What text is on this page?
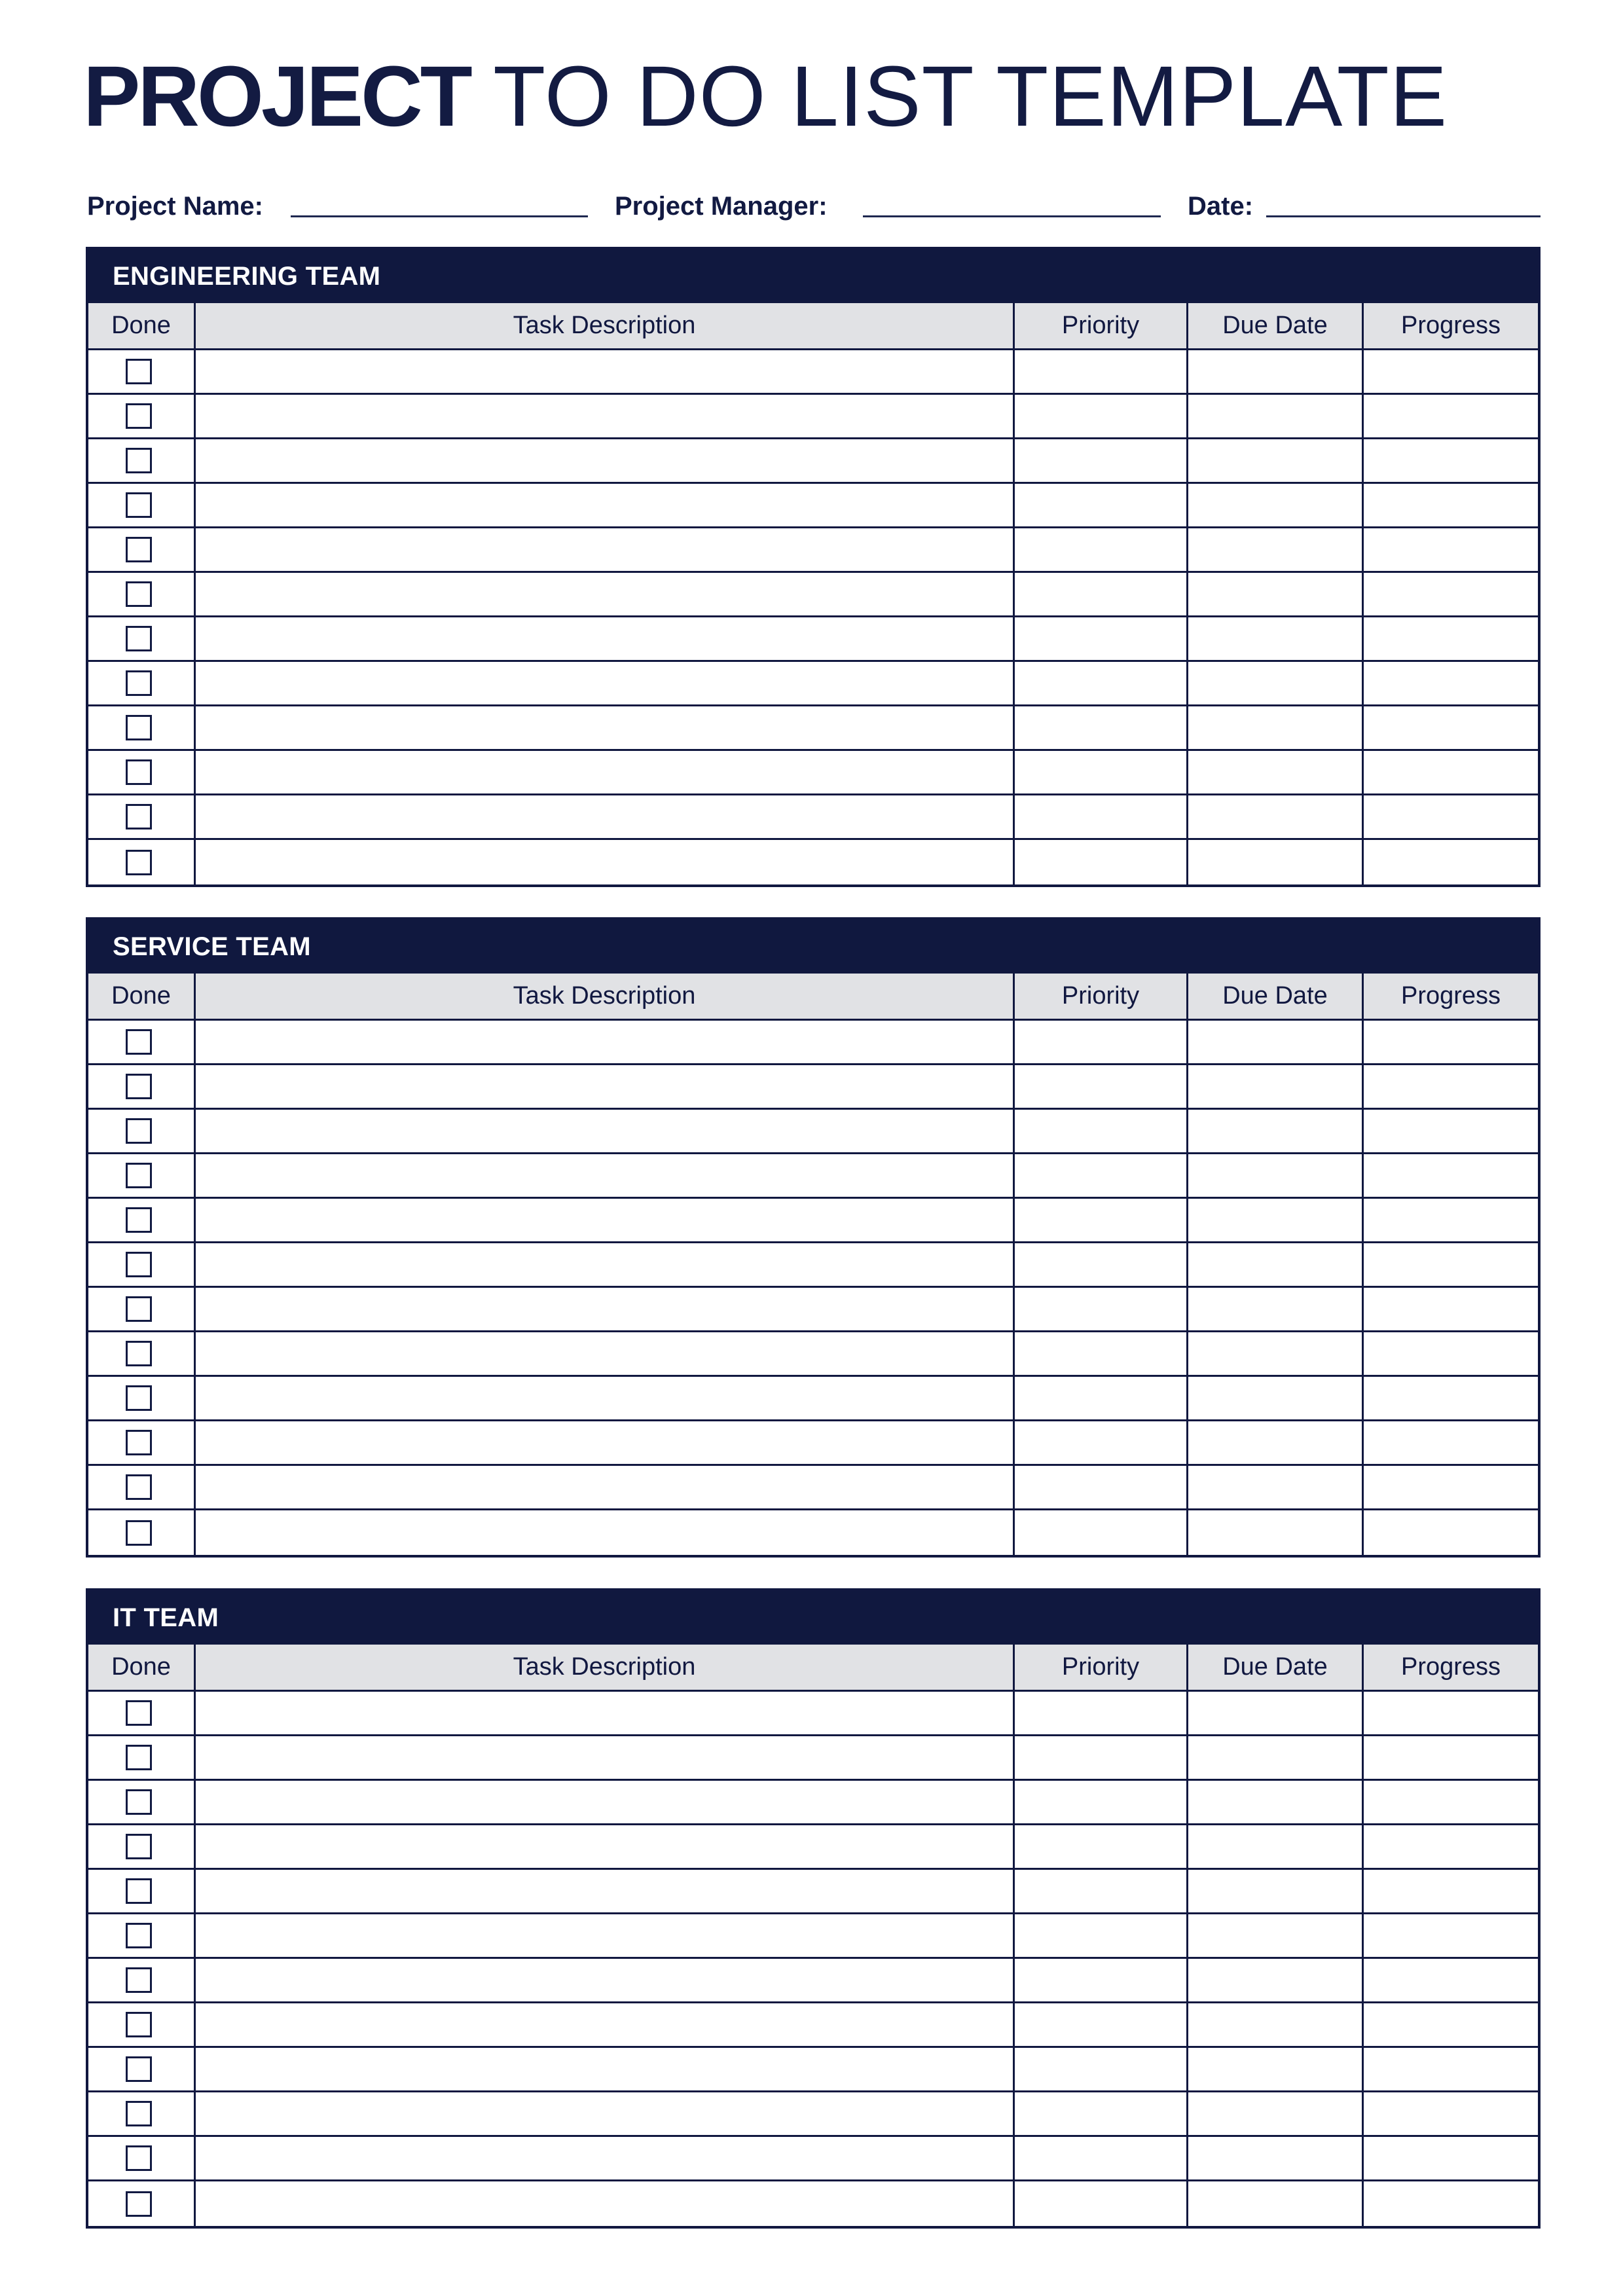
PROJECT TO DO LIST TEMPLATE
Project Name:	Project Manager:	Date:
ENGINEERING TEAM
Done	Task Description	Priority	Due Date	Progress
SERVICE TEAM
Done	Task Description	Priority	Due Date	Progress
IT TEAM
Done	Task Description	Priority	Due Date	Progress
